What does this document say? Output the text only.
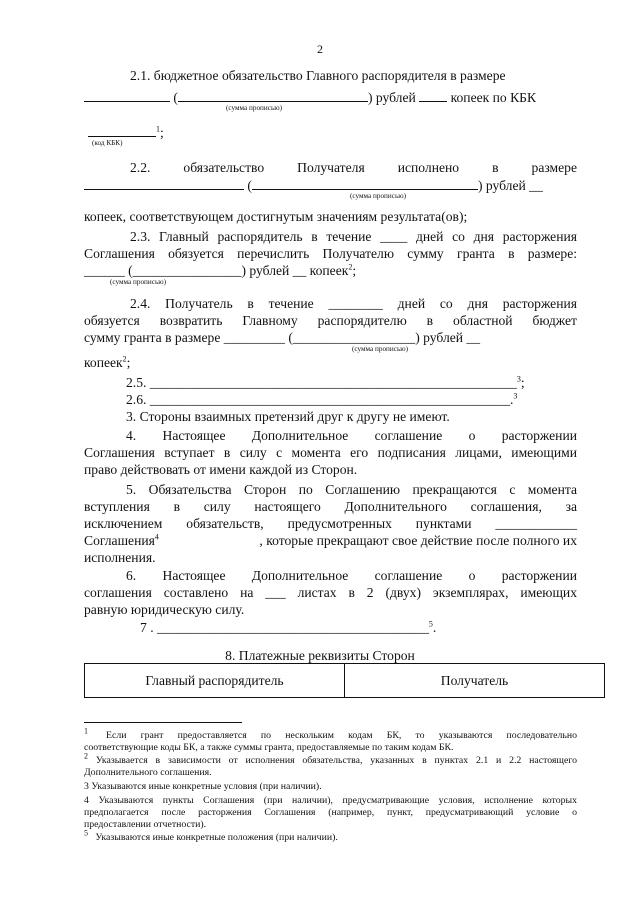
2
2.1. бюджетное обязательство Главного распорядителя в размере
(	) рублей	копеек по КБК
(сумма прописью)
$^1$;
(код КБК)
2.2. обязательство Получателя исполнено в размере
(	) рублей __
(сумма прописью)
копеек, соответствующем достигнутым значениям результата(ов);
2.3. Главный распорядитель в течение ____ дней со дня расторжения
Соглашения обязуется перечислить Получателю сумму гранта в размере:
______ (________________) рублей __ копеек$^2$;
(сумма прописью)
2.4. Получатель в течение ________ дней со дня расторжения
обязуется возвратить Главному распорядителю в областной бюджет
сумму гранта в размере _________ (__________________) рублей __
(сумма прописью)
копеек$^2$;
2.5. ______________________________________________________$^3$;
2.6. _____________________________________________________.$^3$
3. Стороны взаимных претензий друг к другу не имеют.
4. Настоящее Дополнительное соглашение о расторжении
Соглашения вступает в силу с момента его подписания лицами, имеющими
право действовать от имени каждой из Сторон.
5. Обязательства Сторон по Соглашению прекращаются с момента
вступления в силу настоящего Дополнительного соглашения, за
исключением обязательств, предусмотренных пунктами ____________
Соглашения$^4$	, которые прекращают свое действие после полного их
исполнения.
6. Настоящее Дополнительное соглашение о расторжении
соглашения составлено на ___ листах в 2 (двух) экземплярах, имеющих
равную юридическую силу.
7 . ________________________________________$^5$.
8. Платежные реквизиты Сторон
Главный распорядитель	Получатель
$^1$ Если грант предоставляется по нескольким кодам БК, то указываются последовательно
соответствующие коды БК, а также суммы гранта, предоставляемые по таким кодам БК.
$^2$ Указывается в зависимости от исполнения обязательства, указанных в пунктах 2.1 и 2.2 настоящего
Дополнительного соглашения.
3 Указываются иные конкретные условия (при наличии).
4 Указываются пункты Соглашения (при наличии), предусматривающие условия, исполнение которых
предполагается после расторжения Соглашения (например, пункт, предусматривающий условие о
предоставлении отчетности).
$^5$ Указываются иные конкретные положения (при наличии).
